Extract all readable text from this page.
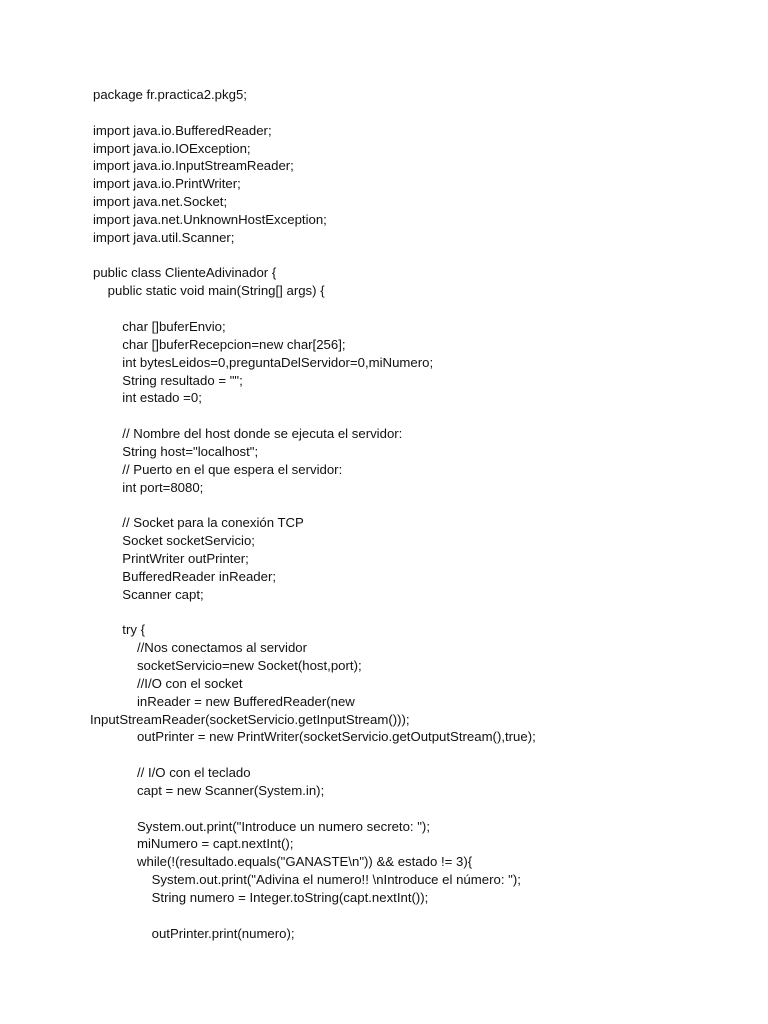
package fr.practica2.pkg5;
import java.io.BufferedReader;
import java.io.IOException;
import java.io.InputStreamReader;
import java.io.PrintWriter;
import java.net.Socket;
import java.net.UnknownHostException;
import java.util.Scanner;
public class ClienteAdivinador {
public static void main(String[] args) {
char []buferEnvio;
char []buferRecepcion=new char[256];
int bytesLeidos=0,preguntaDelServidor=0,miNumero;
String resultado = "";
int estado =0;
// Nombre del host donde se ejecuta el servidor:
String host="localhost";
// Puerto en el que espera el servidor:
int port=8080;
// Socket para la conexión TCP
Socket socketServicio;
PrintWriter outPrinter;
BufferedReader inReader;
Scanner capt;
try {
//Nos conectamos al servidor
socketServicio=new Socket(host,port);
//I/O con el socket
inReader = new BufferedReader(new
InputStreamReader(socketServicio.getInputStream()));
outPrinter = new PrintWriter(socketServicio.getOutputStream(),true);
// I/O con el teclado
capt = new Scanner(System.in);
System.out.print("Introduce un numero secreto: ");
miNumero = capt.nextInt();
while(!(resultado.equals("GANASTE\n")) && estado != 3){
System.out.print("Adivina el numero!! \nIntroduce el número: ");
String numero = Integer.toString(capt.nextInt());
outPrinter.print(numero);
